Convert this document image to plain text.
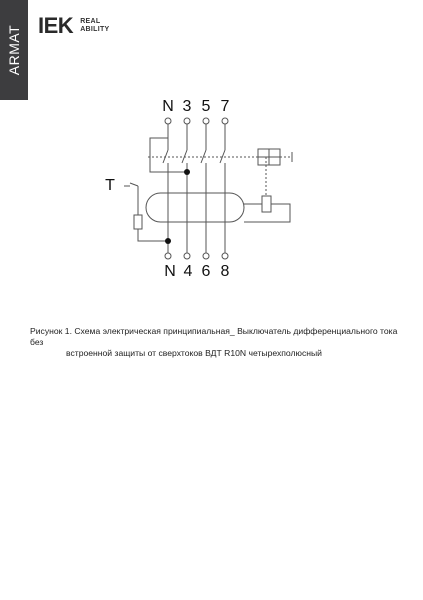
ARMAT IEK REAL
ABILITY
N 3 5 7
N 4 6 8
T
Рисунок 1. Схема электрическая принципиальная_ Выключатель дифференциального тока без
встроенной защиты от сверхтоков ВДТ R10N четырехполюсный
